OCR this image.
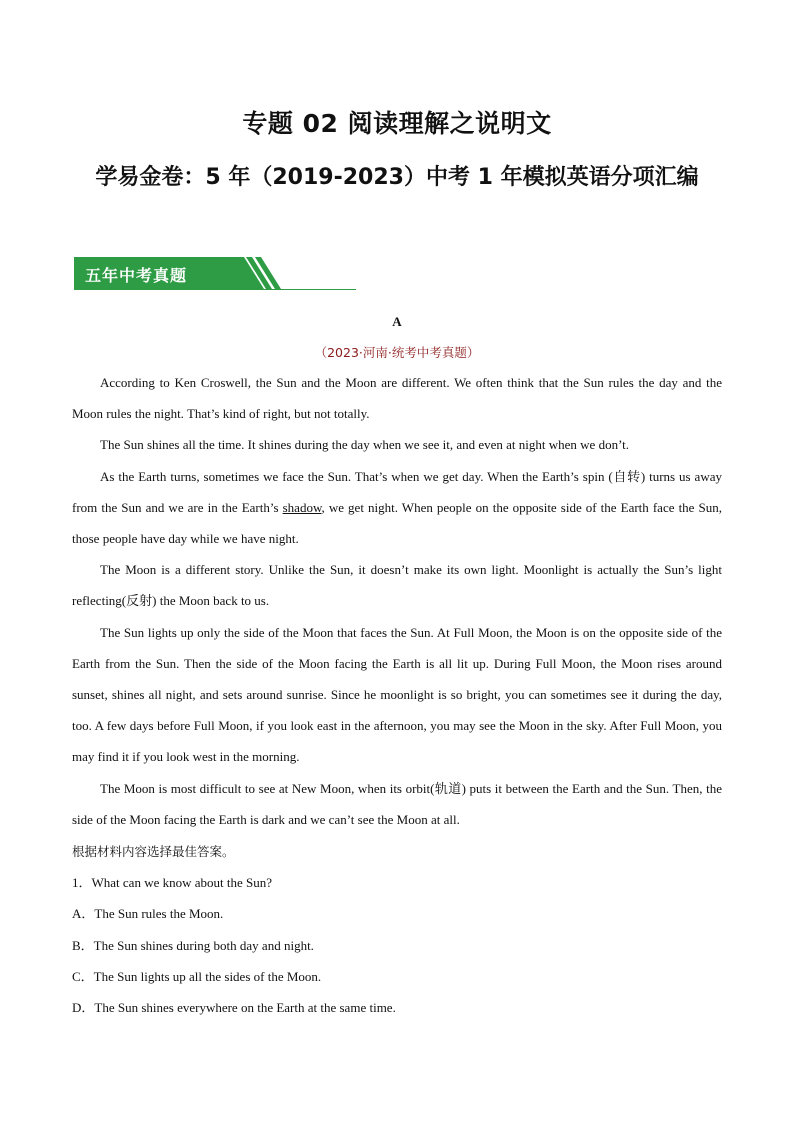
专题 02 阅读理解之说明文
学易金卷：5 年（2019-2023）中考 1 年模拟英语分项汇编
五年中考真题
A
（2023·河南·统考中考真题）

According to Ken Croswell, the Sun and the Moon are different. We often think that the Sun rules the day and the Moon rules the night. That’s kind of right, but not totally.

The Sun shines all the time. It shines during the day when we see it, and even at night when we don’t.

As the Earth turns, sometimes we face the Sun. That’s when we get day. When the Earth’s spin (自转) turns us away from the Sun and we are in the Earth’s shadow, we get night. When people on the opposite side of the Earth face the Sun, those people have day while we have night.

The Moon is a different story. Unlike the Sun, it doesn’t make its own light. Moonlight is actually the Sun’s light reflecting(反射) the Moon back to us.

The Sun lights up only the side of the Moon that faces the Sun. At Full Moon, the Moon is on the opposite side of the Earth from the Sun. Then the side of the Moon facing the Earth is all lit up. During Full Moon, the Moon rises around sunset, shines all night, and sets around sunrise. Since he moonlight is so bright, you can sometimes see it during the day, too. A few days before Full Moon, if you look east in the afternoon, you may see the Moon in the sky. After Full Moon, you may find it if you look west in the morning.

The Moon is most difficult to see at New Moon, when its orbit(轨道) puts it between the Earth and the Sun. Then, the side of the Moon facing the Earth is dark and we can’t see the Moon at all.

根据材料内容选择最佳答案。
1．What can we know about the Sun?
A．The Sun rules the Moon.
B．The Sun shines during both day and night.
C．The Sun lights up all the sides of the Moon.
D．The Sun shines everywhere on the Earth at the same time.
